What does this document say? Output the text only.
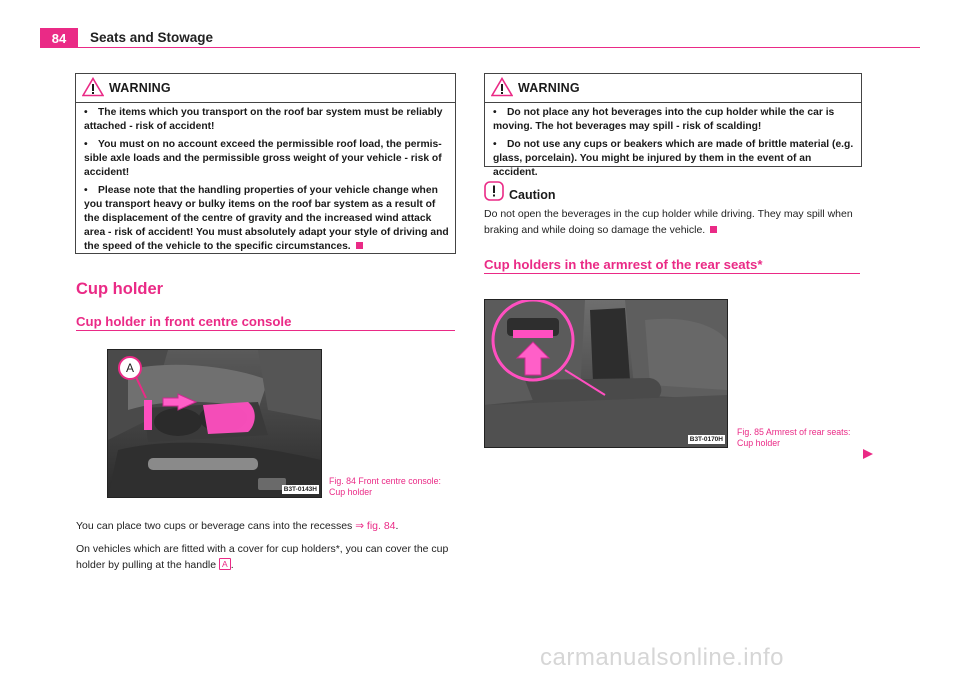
84	Seats and Stowage
WARNING

• The items which you transport on the roof bar system must be reliably attached - risk of accident!

• You must on no account exceed the permissible roof load, the permis-sible axle loads and the permissible gross weight of your vehicle - risk of accident!

• Please note that the handling properties of your vehicle change when you transport heavy or bulky items on the roof bar system as a result of the displacement of the centre of gravity and the increased wind attack area - risk of accident! You must absolutely adapt your style of driving and the speed of the vehicle to the specific circumstances.

Cup holder
Cup holder in front centre console
A
B3T-0143H
Fig. 84 Front centre console:
Cup holder
You can place two cups or beverage cans into the recesses ⇒ fig. 84.
On vehicles which are fitted with a cover for cup holders*, you can cover the cup holder by pulling at the handle A .
WARNING

• Do not place any hot beverages into the cup holder while the car is moving. The hot beverages may spill - risk of scalding!

• Do not use any cups or beakers which are made of brittle material (e.g. glass, porcelain). You might be injured by them in the event of an accident.

Caution
Do not open the beverages in the cup holder while driving. They may spill when braking and while doing so damage the vehicle.
Cup holders in the armrest of the rear seats*
B3T-0170H
Fig. 85 Armrest of rear seats:
Cup holder
carmanualsonline.info
